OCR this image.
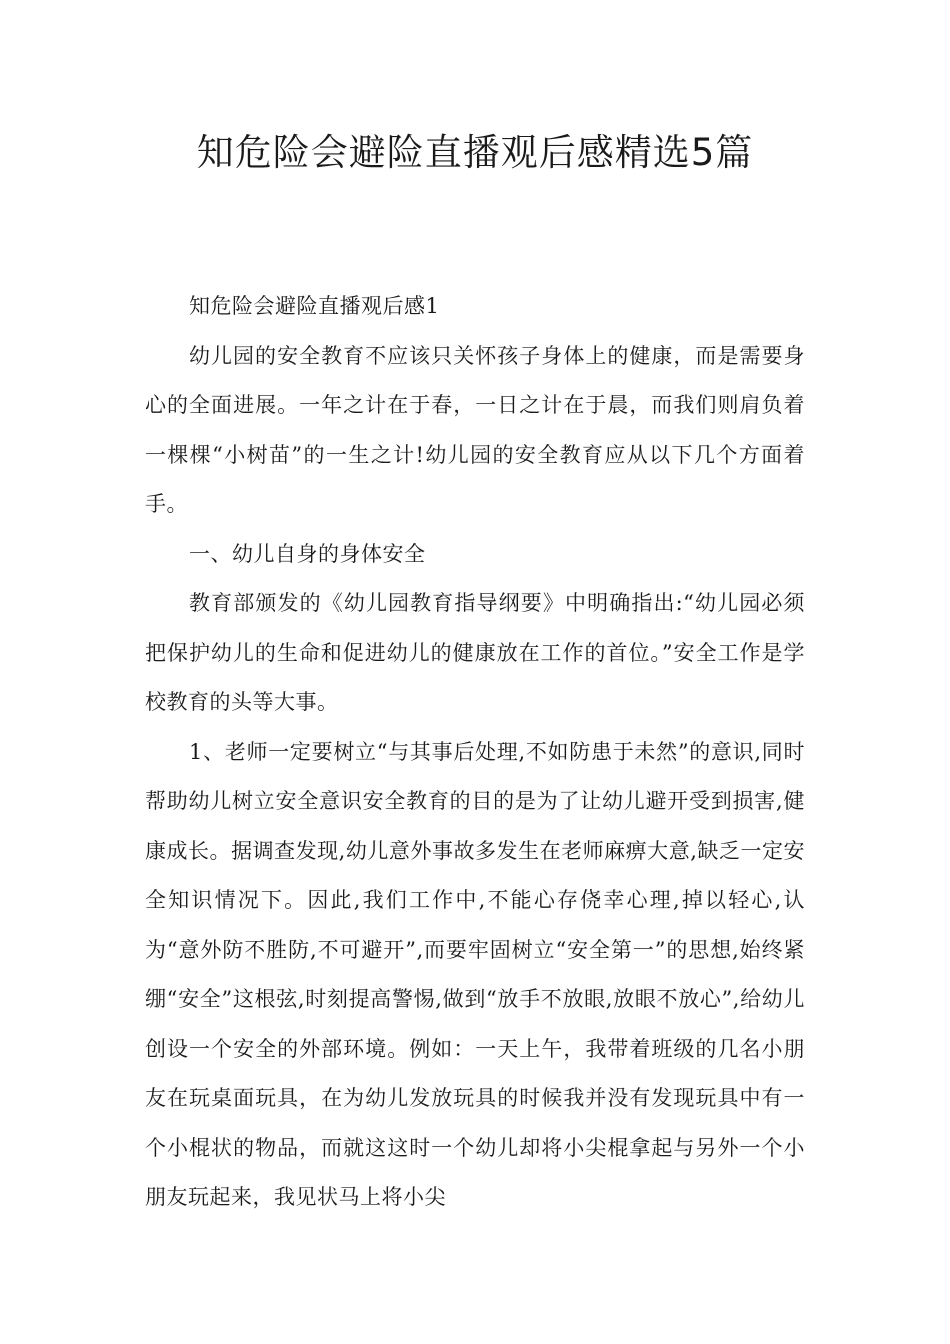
知危险会避险直播观后感精选5篇

知危险会避险直播观后感1

幼儿园的安全教育不应该只关怀孩子身体上的健康，而是需要身心的全面进展。一年之计在于春，一日之计在于晨，而我们则肩负着一棵棵“小树苗”的一生之计!幼儿园的安全教育应从以下几个方面着手。

一、幼儿自身的身体安全

教育部颁发的《幼儿园教育指导纲要》中明确指出:“幼儿园必须把保护幼儿的生命和促进幼儿的健康放在工作的首位。”安全工作是学校教育的头等大事。

1、老师一定要树立“与其事后处理,不如防患于未然”的意识,同时帮助幼儿树立安全意识安全教育的目的是为了让幼儿避开受到损害,健康成长。据调查发现,幼儿意外事故多发生在老师麻痹大意,缺乏一定安全知识情况下。因此,我们工作中,不能心存侥幸心理,掉以轻心,认为“意外防不胜防,不可避开”,而要牢固树立“安全第一”的思想,始终紧绷“安全”这根弦,时刻提高警惕,做到“放手不放眼,放眼不放心”,给幼儿创设一个安全的外部环境。例如：一天上午，我带着班级的几名小朋友在玩桌面玩具，在为幼儿发放玩具的时候我并没有发现玩具中有一个小棍状的物品，而就这这时一个幼儿却将小尖棍拿起与另外一个小朋友玩起来，我见状马上将小尖
